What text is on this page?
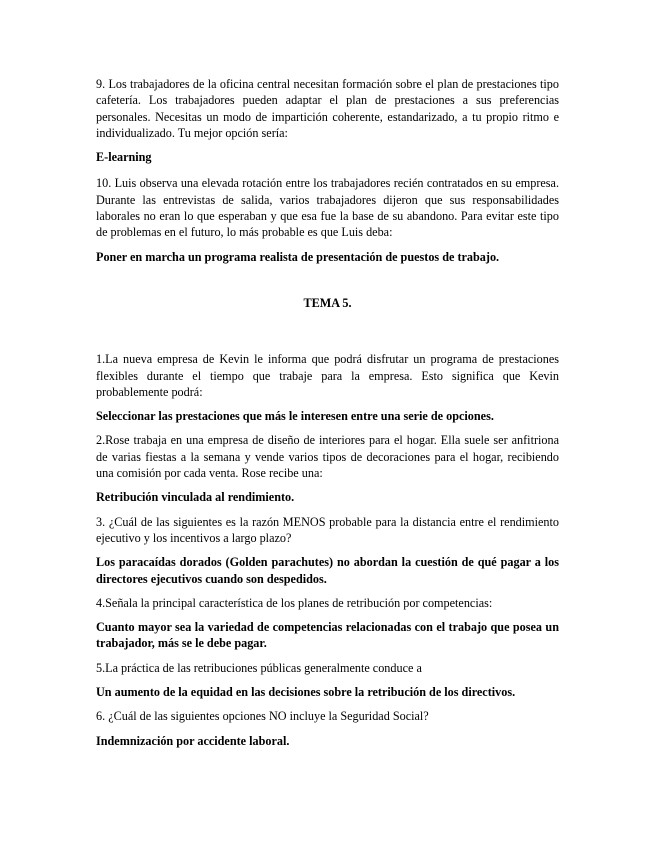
9. Los trabajadores de la oficina central necesitan formación sobre el plan de prestaciones tipo cafetería. Los trabajadores pueden adaptar el plan de prestaciones a sus preferencias personales. Necesitas un modo de impartición coherente, estandarizado, a tu propio ritmo e individualizado. Tu mejor opción sería:

E-learning

10. Luis observa una elevada rotación entre los trabajadores recién contratados en su empresa. Durante las entrevistas de salida, varios trabajadores dijeron que sus responsabilidades laborales no eran lo que esperaban y que esa fue la base de su abandono. Para evitar este tipo de problemas en el futuro, lo más probable es que Luis deba:

Poner en marcha un programa realista de presentación de puestos de trabajo.

TEMA 5.

1.La nueva empresa de Kevin le informa que podrá disfrutar un programa de prestaciones flexibles durante el tiempo que trabaje para la empresa. Esto significa que Kevin probablemente podrá:

Seleccionar las prestaciones que más le interesen entre una serie de opciones.

2.Rose trabaja en una empresa de diseño de interiores para el hogar. Ella suele ser anfitriona de varias fiestas a la semana y vende varios tipos de decoraciones para el hogar, recibiendo una comisión por cada venta. Rose recibe una:

Retribución vinculada al rendimiento.

3. ¿Cuál de las siguientes es la razón MENOS probable para la distancia entre el rendimiento ejecutivo y los incentivos a largo plazo?

Los paracaídas dorados (Golden parachutes) no abordan la cuestión de qué pagar a los directores ejecutivos cuando son despedidos.

4.Señala la principal característica de los planes de retribución por competencias:

Cuanto mayor sea la variedad de competencias relacionadas con el trabajo que posea un trabajador, más se le debe pagar.

5.La práctica de las retribuciones públicas generalmente conduce a

Un aumento de la equidad en las decisiones sobre la retribución de los directivos.

6. ¿Cuál de las siguientes opciones NO incluye la Seguridad Social?

Indemnización por accidente laboral.
